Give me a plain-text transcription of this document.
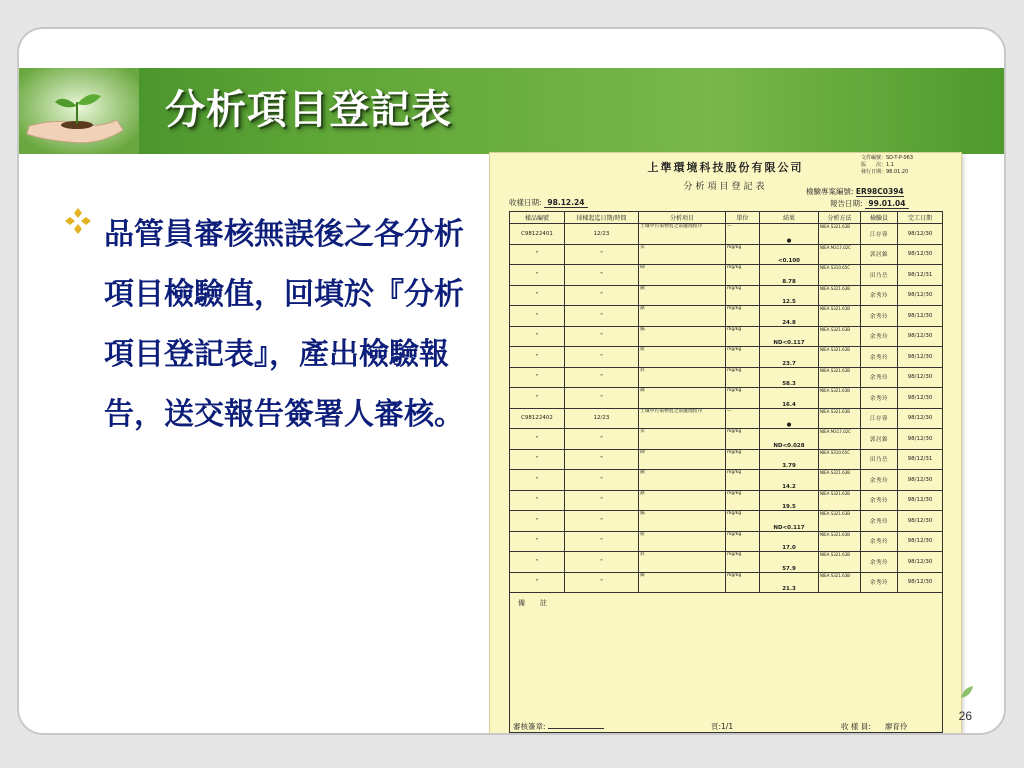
分析項目登記表

品管員審核無誤後之各分析項目檢驗值，回填於『分析項目登記表』，產出檢驗報告，送交報告簽署人審核。

上準環境科技股份有限公司

文件編號：SD-T-P-063
版　　次：1.1
發行日期：98.01.20

分析項目登記表

收樣日期: 98.12.24
檢驗專案編號: ER98C0394
報告日期: 99.01.04
樣品編號	採樣起迄日期/時間	分析項目	單位	結果	分析方法	檢驗員	完工日期
C98122401	12/23	土壤中污染物質之前處理程序	—	●	NIEA S321.63B	江存蓉	98/12/30
"	"	汞	mg/kg	<0.100	NIEA M317.02C	郭居錦	98/12/30
"	"	砷	mg/kg	8.78	NIEA S310.65C	田乃岳	98/12/31
"	"	銅	mg/kg	12.5	NIEA S321.63B	余秀玲	98/12/30
"	"	鉻	mg/kg	24.8	NIEA S321.63B	余秀玲	98/12/30
"	"	鎘	mg/kg	ND<0.117	NIEA S321.63B	余秀玲	98/12/30
"	"	鉛	mg/kg	23.7	NIEA S321.63B	余秀玲	98/12/30
"	"	鋅	mg/kg	58.3	NIEA S321.63B	余秀玲	98/12/30
"	"	鎳	mg/kg	16.4	NIEA S321.63B	余秀玲	98/12/30
C98122402	12/23	土壤中污染物質之前處理程序	—	●	NIEA S321.63B	江存蓉	98/12/30
"	"	汞	mg/kg	ND<0.028	NIEA M317.02C	郭居錦	98/12/30
"	"	砷	mg/kg	3.79	NIEA S310.65C	田乃岳	98/12/31
"	"	銅	mg/kg	14.2	NIEA S321.63B	余秀玲	98/12/30
"	"	鉻	mg/kg	19.5	NIEA S321.63B	余秀玲	98/12/30
"	"	鎘	mg/kg	ND<0.117	NIEA S321.63B	余秀玲	98/12/30
"	"	鉛	mg/kg	17.0	NIEA S321.63B	余秀玲	98/12/30
"	"	鋅	mg/kg	57.9	NIEA S321.63B	余秀玲	98/12/30
"	"	鎳	mg/kg	21.3	NIEA S321.63B	余秀玲	98/12/30
備　註							
審核簽章:	頁:1/1	收 樣 員: 廖育伶
26
